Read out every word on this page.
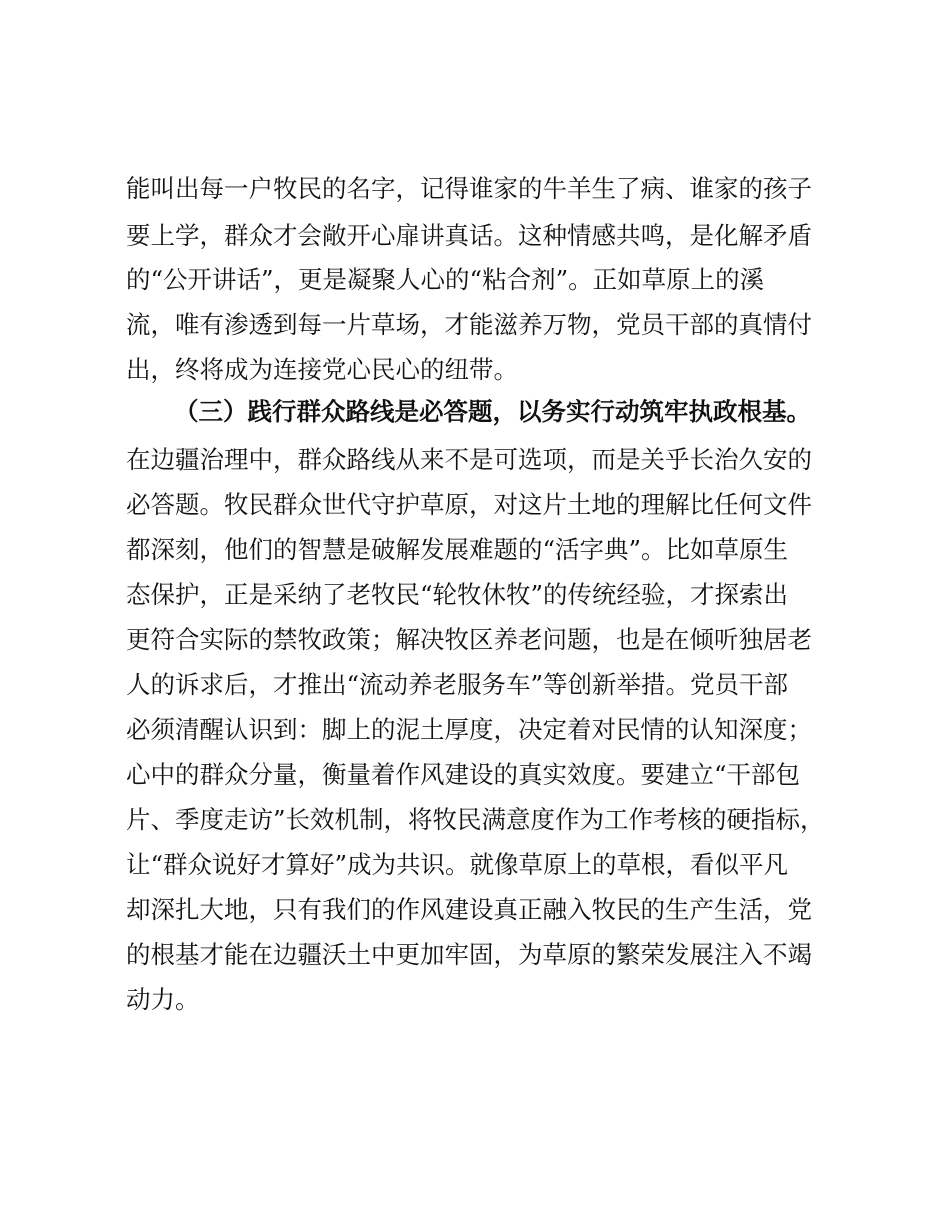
能叫出每一户牧民的名字，记得谁家的牛羊生了病、谁家的孩子
要上学，群众才会敞开心扉讲真话。这种情感共鸣，是化解矛盾
的“公开讲话”，更是凝聚人心的“粘合剂”。正如草原上的溪
流，唯有渗透到每一片草场，才能滋养万物，党员干部的真情付
出，终将成为连接党心民心的纽带。
（三）践行群众路线是必答题，以务实行动筑牢执政根基。
在边疆治理中，群众路线从来不是可选项，而是关乎长治久安的
必答题。牧民群众世代守护草原，对这片土地的理解比任何文件
都深刻，他们的智慧是破解发展难题的“活字典”。比如草原生
态保护，正是采纳了老牧民“轮牧休牧”的传统经验，才探索出
更符合实际的禁牧政策；解决牧区养老问题，也是在倾听独居老
人的诉求后，才推出“流动养老服务车”等创新举措。党员干部
必须清醒认识到：脚上的泥土厚度，决定着对民情的认知深度；
心中的群众分量，衡量着作风建设的真实效度。要建立“干部包
片、季度走访”长效机制，将牧民满意度作为工作考核的硬指标，
让“群众说好才算好”成为共识。就像草原上的草根，看似平凡
却深扎大地，只有我们的作风建设真正融入牧民的生产生活，党
的根基才能在边疆沃土中更加牢固，为草原的繁荣发展注入不竭
动力。
